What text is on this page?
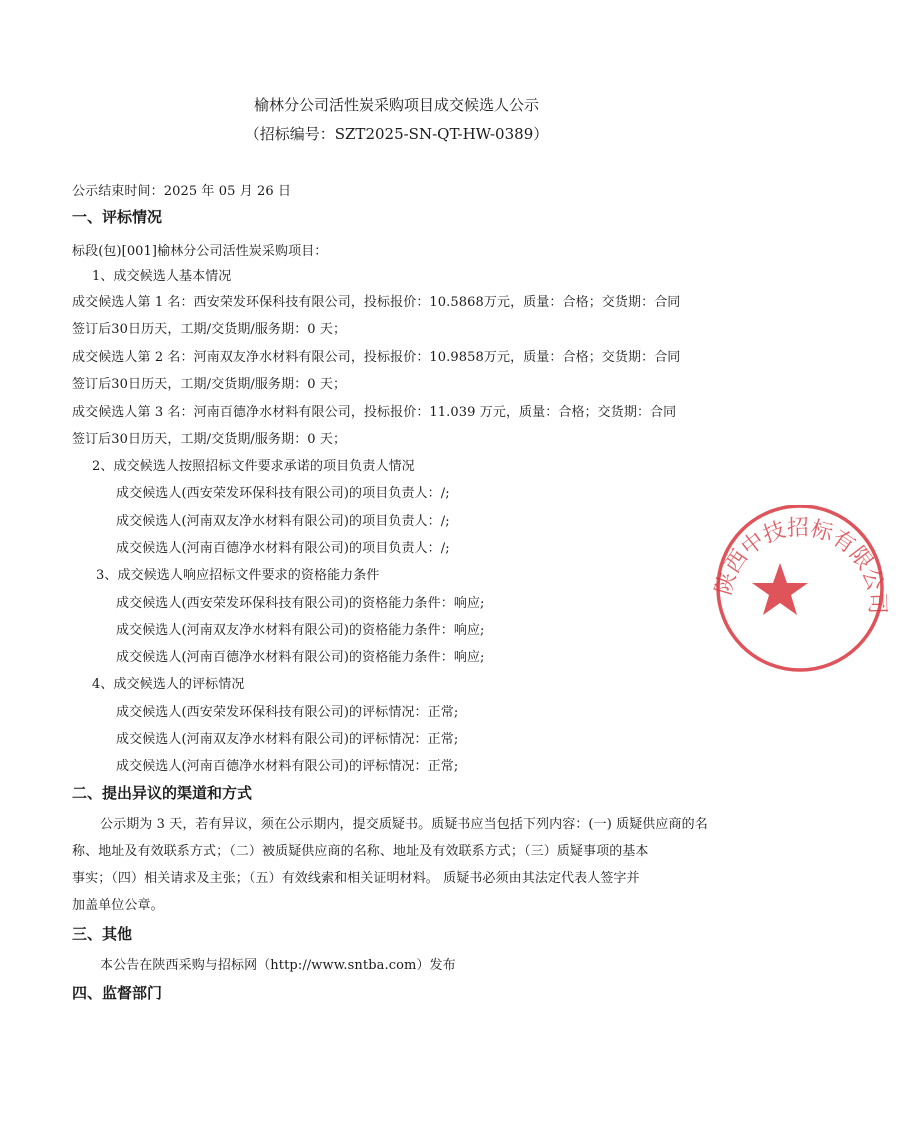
榆林分公司活性炭采购项目成交候选人公示
（招标编号：SZT2025-SN-QT-HW-0389）
公示结束时间：2025 年 05 月 26 日
一、评标情况
标段(包)[001]榆林分公司活性炭采购项目：
1、成交候选人基本情况
成交候选人第 1 名：西安荣发环保科技有限公司，投标报价：10.5868万元，质量：合格；交货期：合同
签订后30日历天，工期/交货期/服务期：0 天；
成交候选人第 2 名：河南双友净水材料有限公司，投标报价：10.9858万元，质量：合格；交货期：合同
签订后30日历天，工期/交货期/服务期：0 天；
成交候选人第 3 名：河南百德净水材料有限公司，投标报价：11.039 万元，质量：合格；交货期：合同
签订后30日历天，工期/交货期/服务期：0 天；
2、成交候选人按照招标文件要求承诺的项目负责人情况
成交候选人(西安荣发环保科技有限公司)的项目负责人：/;
成交候选人(河南双友净水材料有限公司)的项目负责人：/;
成交候选人(河南百德净水材料有限公司)的项目负责人：/;
3、成交候选人响应招标文件要求的资格能力条件
成交候选人(西安荣发环保科技有限公司)的资格能力条件：响应;
成交候选人(河南双友净水材料有限公司)的资格能力条件：响应;
成交候选人(河南百德净水材料有限公司)的资格能力条件：响应;
4、成交候选人的评标情况
成交候选人(西安荣发环保科技有限公司)的评标情况：正常;
成交候选人(河南双友净水材料有限公司)的评标情况：正常;
成交候选人(河南百德净水材料有限公司)的评标情况：正常;
二、提出异议的渠道和方式
公示期为 3 天，若有异议，须在公示期内，提交质疑书。质疑书应当包括下列内容：(一) 质疑供应商的名
称、地址及有效联系方式；（二）被质疑供应商的名称、地址及有效联系方式；（三）质疑事项的基本
事实；（四）相关请求及主张；（五）有效线索和相关证明材料。 质疑书必须由其法定代表人签字并
加盖单位公章。
三、其他
本公告在陕西采购与招标网（http://www.sntba.com）发布
四、监督部门
陕西中技招标有限公司
